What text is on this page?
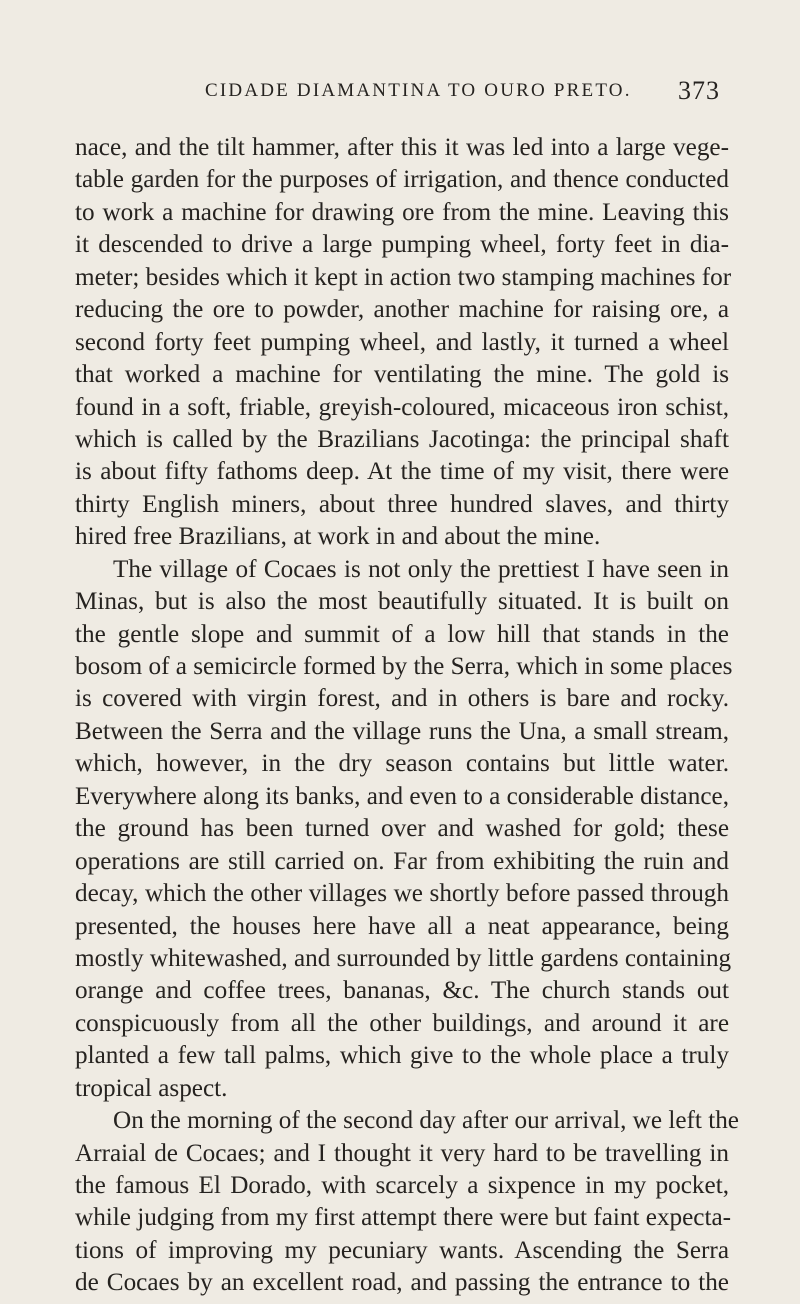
CIDADE DIAMANTINA TO OURO PRETO. 373
nace, and the tilt hammer, after this it was led into a large vege-
table garden for the purposes of irrigation, and thence conducted
to work a machine for drawing ore from the mine. Leaving this
it descended to drive a large pumping wheel, forty feet in dia-
meter; besides which it kept in action two stamping machines for
reducing the ore to powder, another machine for raising ore, a
second forty feet pumping wheel, and lastly, it turned a wheel
that worked a machine for ventilating the mine. The gold is
found in a soft, friable, greyish-coloured, micaceous iron schist,
which is called by the Brazilians Jacotinga: the principal shaft
is about fifty fathoms deep. At the time of my visit, there were
thirty English miners, about three hundred slaves, and thirty
hired free Brazilians, at work in and about the mine.
The village of Cocaes is not only the prettiest I have seen in
Minas, but is also the most beautifully situated. It is built on
the gentle slope and summit of a low hill that stands in the
bosom of a semicircle formed by the Serra, which in some places
is covered with virgin forest, and in others is bare and rocky.
Between the Serra and the village runs the Una, a small stream,
which, however, in the dry season contains but little water.
Everywhere along its banks, and even to a considerable distance,
the ground has been turned over and washed for gold; these
operations are still carried on. Far from exhibiting the ruin and
decay, which the other villages we shortly before passed through
presented, the houses here have all a neat appearance, being
mostly whitewashed, and surrounded by little gardens containing
orange and coffee trees, bananas, &c. The church stands out
conspicuously from all the other buildings, and around it are
planted a few tall palms, which give to the whole place a truly
tropical aspect.
On the morning of the second day after our arrival, we left the
Arraial de Cocaes; and I thought it very hard to be travelling in
the famous El Dorado, with scarcely a sixpence in my pocket,
while judging from my first attempt there were but faint expecta-
tions of improving my pecuniary wants. Ascending the Serra
de Cocaes by an excellent road, and passing the entrance to the
